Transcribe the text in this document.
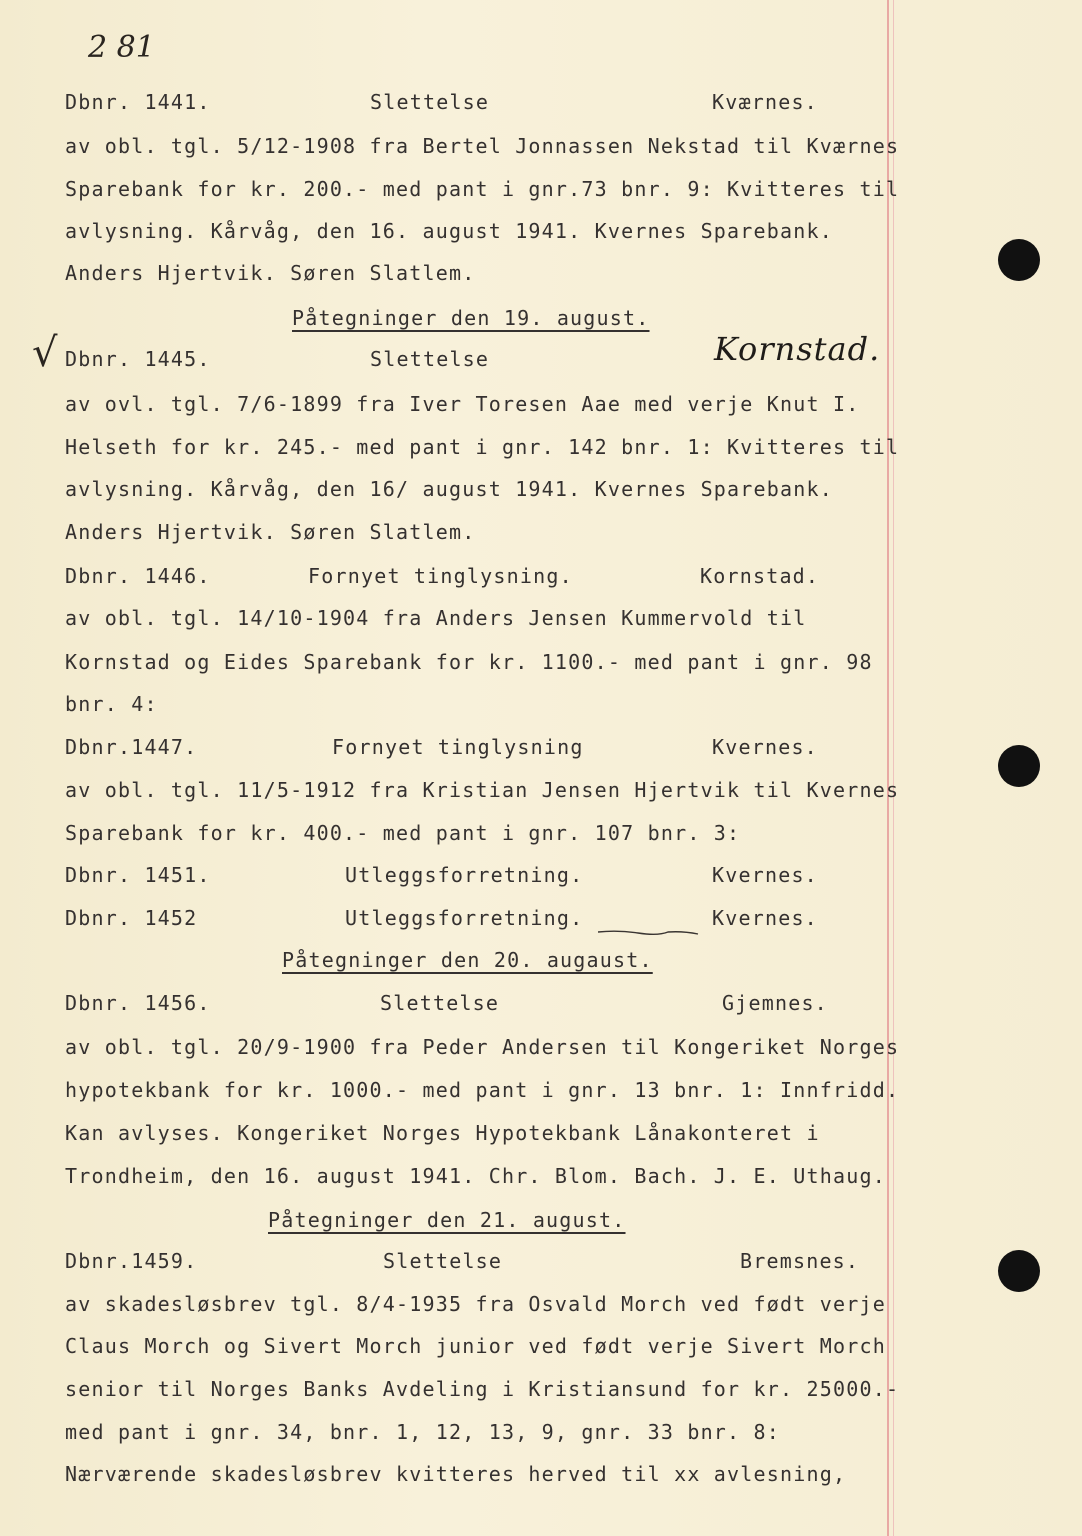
2 81
√	Kornstad.
Dbnr. 1441.	Slettelse	Kværnes.
av obl. tgl. 5/12-1908 fra Bertel Jonnassen Nekstad til Kværnes
Sparebank for kr. 200.- med pant i gnr.73 bnr. 9: Kvitteres til
avlysning. Kårvåg, den 16. august 1941. Kvernes Sparebank.
Anders Hjertvik. Søren Slatlem.
Påtegninger den 19. august.
Dbnr. 1445.	Slettelse
av ovl. tgl. 7/6-1899 fra Iver Toresen Aae med verje Knut I.
Helseth for kr. 245.- med pant i gnr. 142 bnr. 1: Kvitteres til
avlysning. Kårvåg, den 16/ august 1941. Kvernes Sparebank.
Anders Hjertvik. Søren Slatlem.
Dbnr. 1446.	Fornyet tinglysning.	Kornstad.
av obl. tgl. 14/10-1904 fra Anders Jensen Kummervold til
Kornstad og Eides Sparebank for kr. 1100.- med pant i gnr. 98
bnr. 4:
Dbnr.1447.	Fornyet tinglysning	Kvernes.
av obl. tgl. 11/5-1912 fra Kristian Jensen Hjertvik til Kvernes
Sparebank for kr. 400.- med pant i gnr. 107 bnr. 3:
Dbnr. 1451.	Utleggsforretning.	Kvernes.
Dbnr. 1452	Utleggsforretning.	Kvernes.
Påtegninger den 20. augaust.
Dbnr. 1456.	Slettelse	Gjemnes.
av obl. tgl. 20/9-1900 fra Peder Andersen til Kongeriket Norges
hypotekbank for kr. 1000.- med pant i gnr. 13 bnr. 1: Innfridd.
Kan avlyses. Kongeriket Norges Hypotekbank Lånakonteret i
Trondheim, den 16. august 1941. Chr. Blom. Bach. J. E. Uthaug.
Påtegninger den 21. august.
Dbnr.1459.	Slettelse	Bremsnes.
av skadesløsbrev tgl. 8/4-1935 fra Osvald Morch ved født verje
Claus Morch og Sivert Morch junior ved født verje Sivert Morch
senior til Norges Banks Avdeling i Kristiansund for kr. 25000.-
med pant i gnr. 34, bnr. 1, 12, 13, 9, gnr. 33 bnr. 8:
Nærværende skadesløsbrev kvitteres herved til xx avlesning,
